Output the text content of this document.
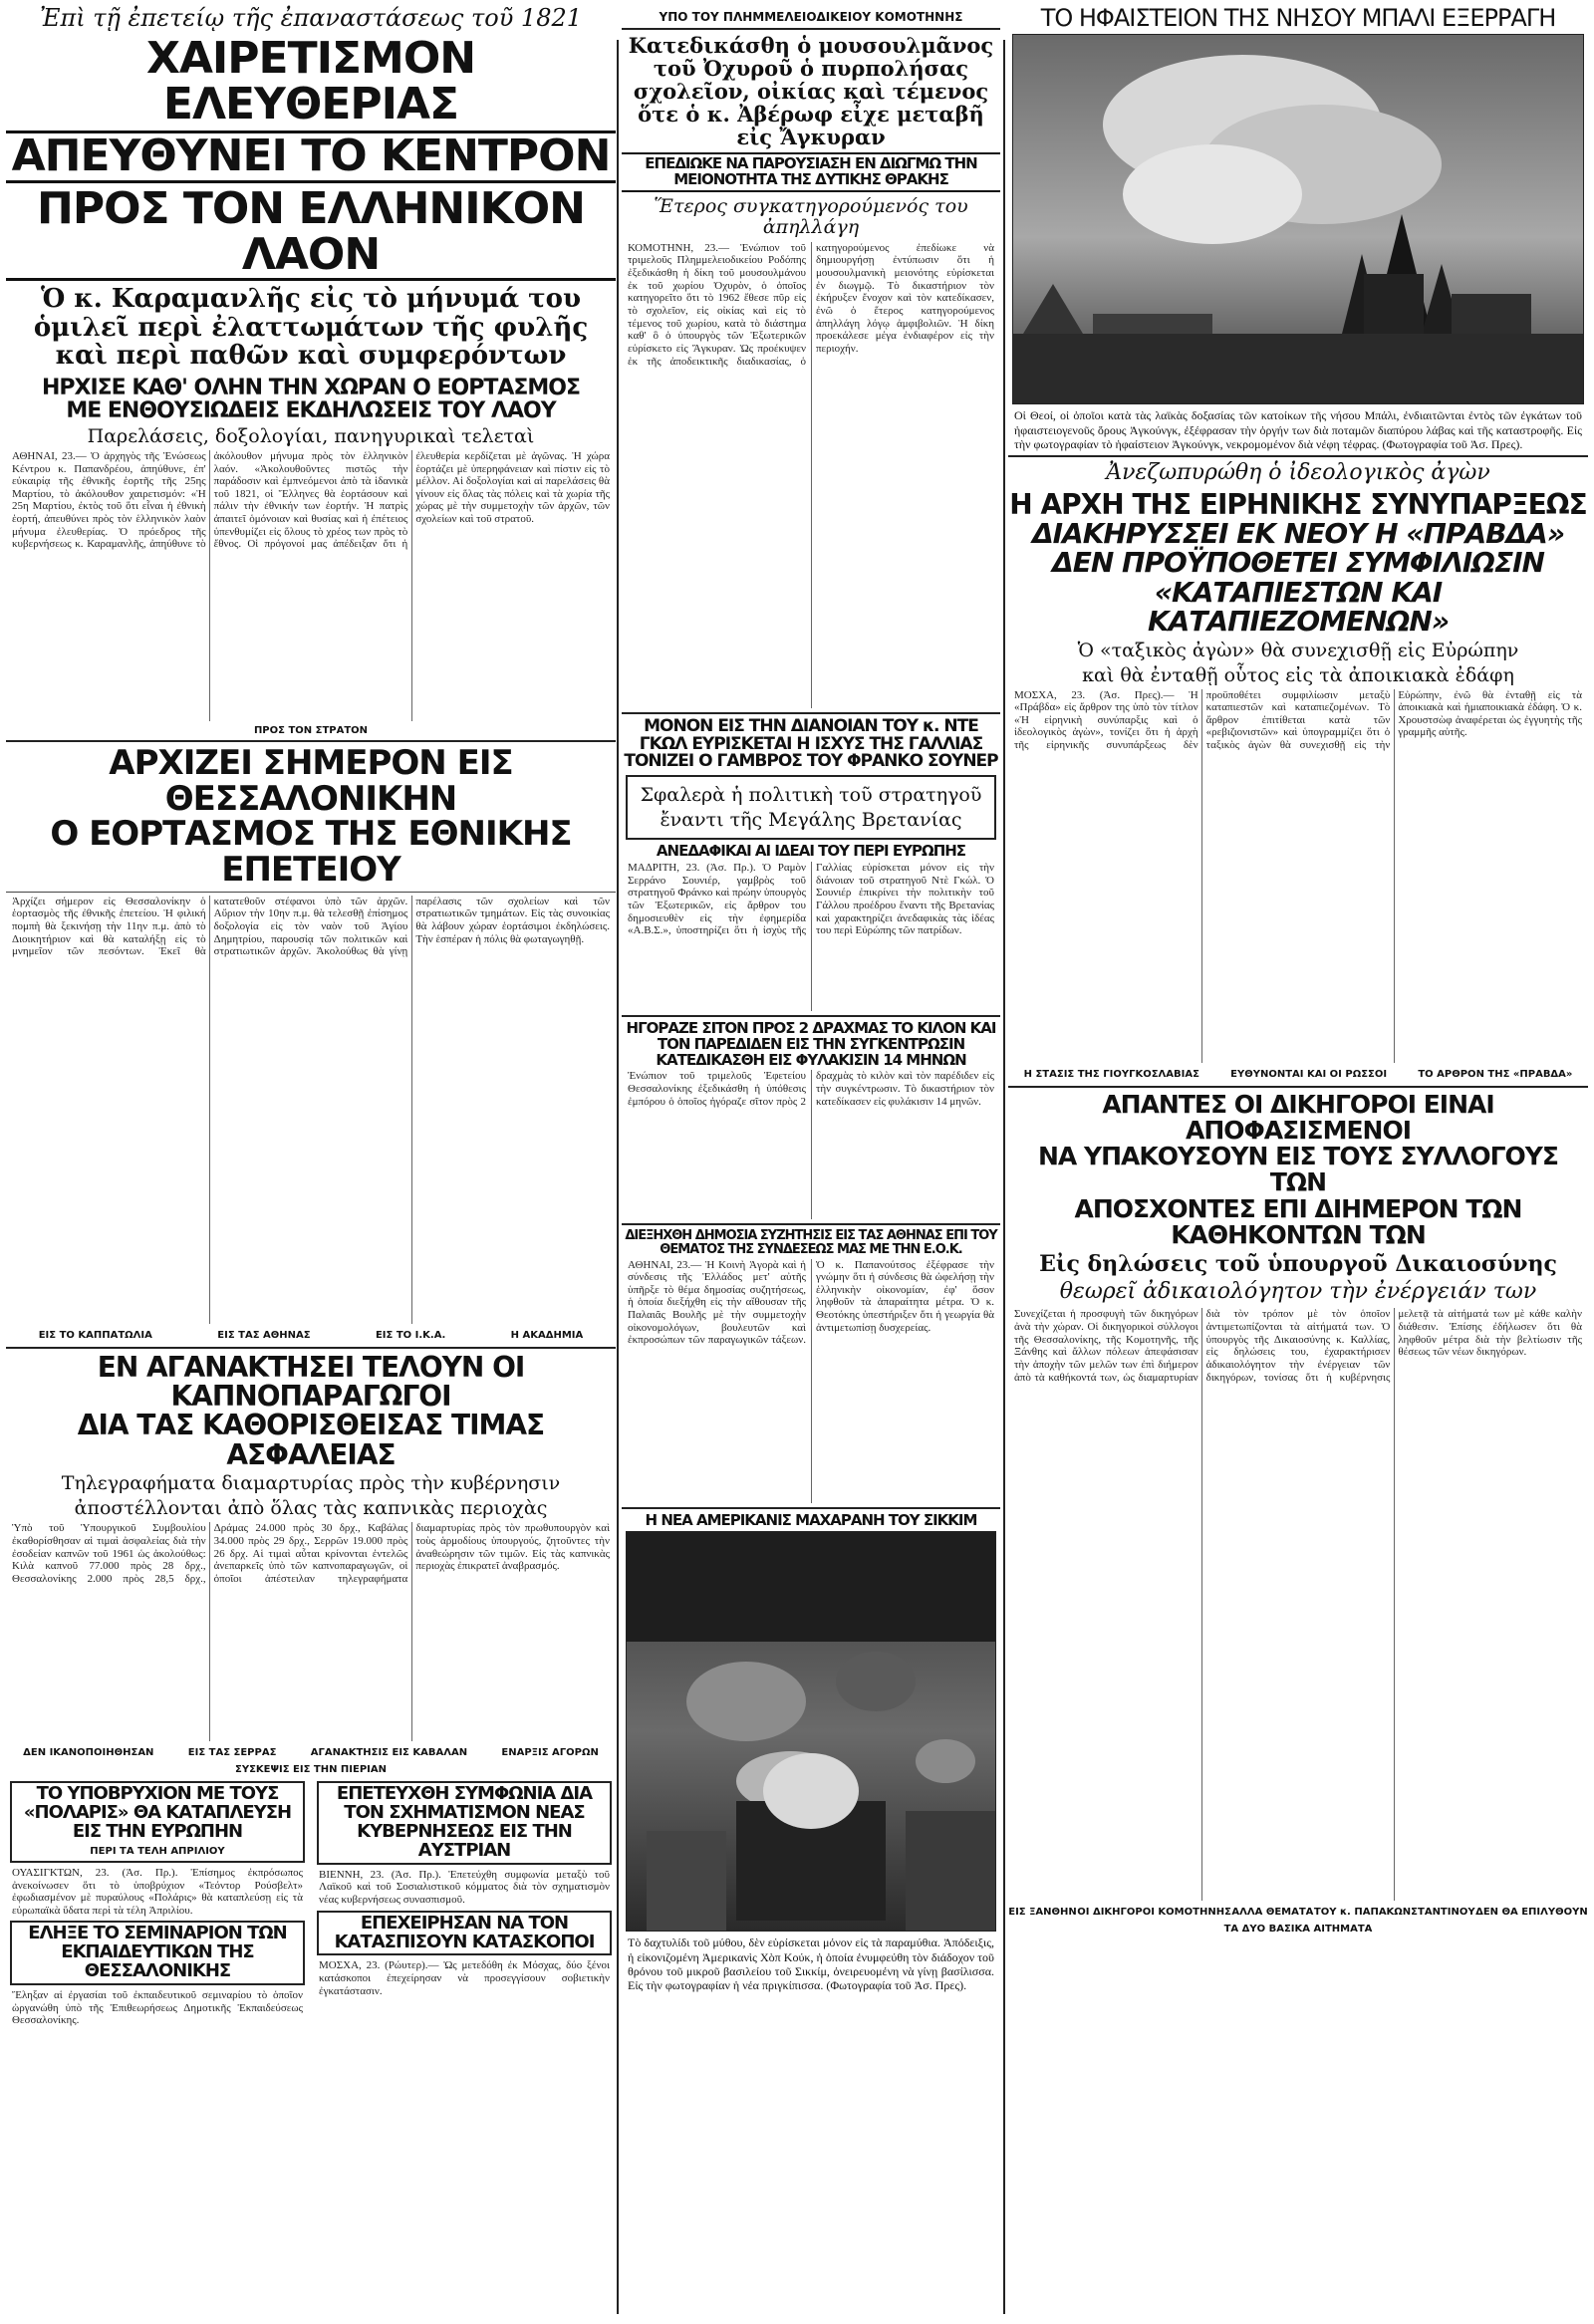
Ἐπὶ τῇ ἐπετείῳ τῆς ἐπαναστάσεως τοῦ 1821
ΧΑΙΡΕΤΙΣΜΟΝ ΕΛΕΥΘΕΡΙΑΣ
ΑΠΕΥΘΥΝΕΙ ΤΟ ΚΕΝΤΡΟΝ
ΠΡΟΣ ΤΟΝ ΕΛΛΗΝΙΚΟΝ ΛΑΟΝ
Ὁ κ. Καραμανλῆς εἰς τὸ μήνυμά του ὁμιλεῖ περὶ ἐλαττωμάτων τῆς φυλῆς καὶ περὶ παθῶν καὶ συμφερόντων
ΗΡΧΙΣΕ ΚΑΘ' ΟΛΗΝ ΤΗΝ ΧΩΡΑΝ Ο ΕΟΡΤΑΣΜΟΣ
ΜΕ ΕΝΘΟΥΣΙΩΔΕΙΣ ΕΚΔΗΛΩΣΕΙΣ ΤΟΥ ΛΑΟΥ
Παρελάσεις, δοξολογίαι, πανηγυρικαὶ τελεταὶ
ΑΘΗΝΑΙ, 23.— Ὁ ἀρχηγὸς τῆς Ἑνώσεως Κέντρου κ. Παπανδρέου, ἀπηύθυνε, ἐπ' εὐκαιρίᾳ τῆς ἐθνικῆς ἑορτῆς τῆς 25ης Μαρτίου, τὸ ἀκόλουθον χαιρετισμόν: «Ἡ 25η Μαρτίου, ἐκτὸς τοῦ ὅτι εἶναι ἡ ἐθνικὴ ἑορτή, ἀπευθύνει πρὸς τὸν ἑλληνικὸν λαὸν μήνυμα ἐλευθερίας. Ὁ πρόεδρος τῆς κυβερνήσεως κ. Καραμανλῆς, ἀπηύθυνε τὸ ἀκόλουθον μήνυμα πρὸς τὸν ἑλληνικὸν λαόν. «Ἀκολουθοῦντες πιστῶς τὴν παράδοσιν καὶ ἐμπνεόμενοι ἀπὸ τὰ ἱδανικὰ τοῦ 1821, οἱ Ἕλληνες θὰ ἑορτάσουν καὶ πάλιν τὴν ἐθνικήν των ἑορτήν. Ἡ πατρὶς ἀπαιτεῖ ὁμόνοιαν καὶ θυσίας καὶ ἡ ἐπέτειος ὑπενθυμίζει εἰς ὅλους τὸ χρέος των πρὸς τὸ ἔθνος. Οἱ πρόγονοί μας ἀπέδειξαν ὅτι ἡ ἐλευθερία κερδίζεται μὲ ἀγῶνας. Ἡ χώρα ἑορτάζει μὲ ὑπερηφάνειαν καὶ πίστιν εἰς τὸ μέλλον. Αἱ δοξολογίαι καὶ αἱ παρελάσεις θὰ γίνουν εἰς ὅλας τὰς πόλεις καὶ τὰ χωρία τῆς χώρας μὲ τὴν συμμετοχὴν τῶν ἀρχῶν, τῶν σχολείων καὶ τοῦ στρατοῦ.
ΠΡΟΣ ΤΟΝ ΣΤΡΑΤΟΝ
ΑΡΧΙΖΕΙ ΣΗΜΕΡΟΝ ΕΙΣ ΘΕΣΣΑΛΟΝΙΚΗΝ
Ο ΕΟΡΤΑΣΜΟΣ ΤΗΣ ΕΘΝΙΚΗΣ ΕΠΕΤΕΙΟΥ
Ἀρχίζει σήμερον εἰς Θεσσαλονίκην ὁ ἑορτασμὸς τῆς ἐθνικῆς ἐπετείου. Ἡ φιλική πομπὴ θὰ ξεκινήσῃ τὴν 11ην π.μ. ἀπὸ τὸ Διοικητήριον καὶ θὰ καταλήξῃ εἰς τὸ μνημεῖον τῶν πεσόντων. Ἐκεῖ θὰ κατατεθοῦν στέφανοι ὑπὸ τῶν ἀρχῶν. Αὔριον τὴν 10ην π.μ. θὰ τελεσθῇ ἐπίσημος δοξολογία εἰς τὸν ναὸν τοῦ Ἁγίου Δημητρίου, παρουσίᾳ τῶν πολιτικῶν καὶ στρατιωτικῶν ἀρχῶν. Ἀκολούθως θὰ γίνῃ παρέλασις τῶν σχολείων καὶ τῶν στρατιωτικῶν τμημάτων. Εἰς τὰς συνοικίας θὰ λάβουν χώραν ἑορτάσιμοι ἐκδηλώσεις. Τὴν ἑσπέραν ἡ πόλις θὰ φωταγωγηθῇ.
ΕΙΣ ΤΟ ΚΑΠΠΑΤΩΛΙΑ	ΕΙΣ ΤΑΣ ΑΘΗΝΑΣ	ΕΙΣ ΤΟ Ι.Κ.Α.	Η ΑΚΑΔΗΜΙΑ
ΕΝ ΑΓΑΝΑΚΤΗΣΕΙ ΤΕΛΟΥΝ ΟΙ ΚΑΠΝΟΠΑΡΑΓΩΓΟΙ
ΔΙΑ ΤΑΣ ΚΑΘΟΡΙΣΘΕΙΣΑΣ ΤΙΜΑΣ ΑΣΦΑΛΕΙΑΣ
Τηλεγραφήματα διαμαρτυρίας πρὸς τὴν κυβέρνησιν
ἀποστέλλονται ἀπὸ ὅλας τὰς καπνικὰς περιοχὰς
Ὑπὸ τοῦ Ὑπουργικοῦ Συμβουλίου ἐκαθορίσθησαν αἱ τιμαὶ ἀσφαλείας διὰ τὴν ἐσοδείαν καπνῶν τοῦ 1961 ὡς ἀκολούθως: Κιλὰ καπνοῦ 77.000 πρὸς 28 δρχ., Θεσσαλονίκης 2.000 πρὸς 28,5 δρχ., Δράμας 24.000 πρὸς 30 δρχ., Καβάλας 34.000 πρὸς 29 δρχ., Σερρῶν 19.000 πρὸς 26 δρχ. Αἱ τιμαὶ αὗται κρίνονται ἐντελῶς ἀνεπαρκεῖς ὑπὸ τῶν καπνοπαραγωγῶν, οἱ ὁποῖοι ἀπέστειλαν τηλεγραφήματα διαμαρτυρίας πρὸς τὸν πρωθυπουργὸν καὶ τοὺς ἁρμοδίους ὑπουργούς, ζητοῦντες τὴν ἀναθεώρησιν τῶν τιμῶν. Εἰς τὰς καπνικὰς περιοχὰς ἐπικρατεῖ ἀναβρασμός.
ΔΕΝ ΙΚΑΝΟΠΟΙΗΘΗΣΑΝ	ΕΙΣ ΤΑΣ ΣΕΡΡΑΣ	ΑΓΑΝΑΚΤΗΣΙΣ ΕΙΣ ΚΑΒΑΛΑΝ	ΕΝΑΡΞΙΣ ΑΓΟΡΩΝ
ΣΥΣΚΕΨΙΣ ΕΙΣ ΤΗΝ ΠΙΕΡΙΑΝ
ΤΟ ΥΠΟΒΡΥΧΙΟΝ ΜΕ ΤΟΥΣ «ΠΟΛΑΡΙΣ» ΘΑ ΚΑΤΑΠΛΕΥΣΗ ΕΙΣ ΤΗΝ ΕΥΡΩΠΗΝ
ΠΕΡΙ ΤΑ ΤΕΛΗ ΑΠΡΙΛΙΟΥ
ΟΥΑΣΙΓΚΤΩΝ, 23. (Ἀσ. Πρ.). Ἐπίσημος ἐκπρόσωπος ἀνεκοίνωσεν ὅτι τὸ ὑποβρύχιον «Τεόντορ Ρούσβελτ» ἐφωδιασμένον μὲ πυραύλους «Πολάρις» θὰ καταπλεύσῃ εἰς τὰ εὐρωπαϊκὰ ὕδατα περὶ τὰ τέλη Ἀπριλίου.
ΕΛΗΞΕ ΤΟ ΣΕΜΙΝΑΡΙΟΝ ΤΩΝ ΕΚΠΑΙΔΕΥΤΙΚΩΝ ΤΗΣ ΘΕΣΣΑΛΟΝΙΚΗΣ
Ἔληξαν αἱ ἐργασίαι τοῦ ἐκπαιδευτικοῦ σεμιναρίου τὸ ὁποῖον ὠργανώθη ὑπὸ τῆς Ἐπιθεωρήσεως Δημοτικῆς Ἐκπαιδεύσεως Θεσσαλονίκης.
ΕΠΕΤΕΥΧΘΗ ΣΥΜΦΩΝΙΑ ΔΙΑ ΤΟΝ ΣΧΗΜΑΤΙΣΜΟΝ ΝΕΑΣ ΚΥΒΕΡΝΗΣΕΩΣ ΕΙΣ ΤΗΝ ΑΥΣΤΡΙΑΝ
ΒΙΕΝΝΗ, 23. (Ἀσ. Πρ.). Ἐπετεύχθη συμφωνία μεταξὺ τοῦ Λαϊκοῦ καὶ τοῦ Σοσιαλιστικοῦ κόμματος διὰ τὸν σχηματισμὸν νέας κυβερνήσεως συνασπισμοῦ.
ΕΠΕΧΕΙΡΗΣΑΝ ΝΑ ΤΟΝ ΚΑΤΑΣΠΙΣΟΥΝ ΚΑΤΑΣΚΟΠΟΙ
ΜΟΣΧΑ, 23. (Ρώυτερ).— Ὡς μετεδόθη ἐκ Μόσχας, δύο ξένοι κατάσκοποι ἐπεχείρησαν νὰ προσεγγίσουν σοβιετικὴν ἐγκατάστασιν.
ΥΠΟ ΤΟΥ ΠΛΗΜΜΕΛΕΙΟΔΙΚΕΙΟΥ ΚΟΜΟΤΗΝΗΣ
Κατεδικάσθη ὁ μουσουλμᾶνος τοῦ Ὀχυροῦ ὁ πυρπολήσας σχολεῖον, οἰκίας καὶ τέμενος ὅτε ὁ κ. Ἀβέρωφ εἶχε μεταβῆ εἰς Ἄγκυραν
ΕΠΕΔΙΩΚΕ ΝΑ ΠΑΡΟΥΣΙΑΣΗ ΕΝ ΔΙΩΓΜΩ ΤΗΝ ΜΕΙΟΝΟΤΗΤΑ ΤΗΣ ΔΥΤΙΚΗΣ ΘΡΑΚΗΣ
Ἕτερος συγκατηγορούμενός του ἀπηλλάγη
ΚΟΜΟΤΗΝΗ, 23.— Ἐνώπιον τοῦ τριμελοῦς Πλημμελειοδικείου Ροδόπης ἐξεδικάσθη ἡ δίκη τοῦ μουσουλμάνου ἐκ τοῦ χωρίου Ὀχυρὸν, ὁ ὁποῖος κατηγορεῖτο ὅτι τὸ 1962 ἔθεσε πῦρ εἰς τὸ σχολεῖον, εἰς οἰκίας καὶ εἰς τὸ τέμενος τοῦ χωρίου, κατὰ τὸ διάστημα καθ' ὃ ὁ ὑπουργὸς τῶν Ἐξωτερικῶν εὑρίσκετο εἰς Ἄγκυραν. Ὡς προέκυψεν ἐκ τῆς ἀποδεικτικῆς διαδικασίας, ὁ κατηγορούμενος ἐπεδίωκε νὰ δημιουργήσῃ ἐντύπωσιν ὅτι ἡ μουσουλμανικὴ μειονότης εὑρίσκεται ἐν διωγμῷ. Τὸ δικαστήριον τὸν ἐκήρυξεν ἔνοχον καὶ τὸν κατεδίκασεν, ἐνῶ ὁ ἕτερος κατηγορούμενος ἀπηλλάγη λόγῳ ἀμφιβολιῶν. Ἡ δίκη προεκάλεσε μέγα ἐνδιαφέρον εἰς τὴν περιοχήν.
ΜΟΝΟΝ ΕΙΣ ΤΗΝ ΔΙΑΝΟΙΑΝ ΤΟΥ κ. ΝΤΕ ΓΚΩΛ ΕΥΡΙΣΚΕΤΑΙ Η ΙΣΧΥΣ ΤΗΣ ΓΑΛΛΙΑΣ ΤΟΝΙΖΕΙ Ο ΓΑΜΒΡΟΣ ΤΟΥ ΦΡΑΝΚΟ ΣΟΥΝΕΡ
Σφαλερὰ ἡ πολιτικὴ τοῦ στρατηγοῦ
ἔναντι τῆς Μεγάλης Βρετανίας
ΑΝΕΔΑΦΙΚΑΙ ΑΙ ΙΔΕΑΙ ΤΟΥ ΠΕΡΙ ΕΥΡΩΠΗΣ
ΜΑΔΡΙΤΗ, 23. (Ἀσ. Πρ.). Ὁ Ραμὸν Σερράνο Σουνιέρ, γαμβρὸς τοῦ στρατηγοῦ Φράνκο καὶ πρώην ὑπουργὸς τῶν Ἐξωτερικῶν, εἰς ἄρθρον του δημοσιευθὲν εἰς τὴν ἐφημερίδα «Α.Β.Σ.», ὑποστηρίζει ὅτι ἡ ἰσχὺς τῆς Γαλλίας εὑρίσκεται μόνον εἰς τὴν διάνοιαν τοῦ στρατηγοῦ Ντὲ Γκώλ. Ὁ Σουνιέρ ἐπικρίνει τὴν πολιτικὴν τοῦ Γάλλου προέδρου ἔναντι τῆς Βρετανίας καὶ χαρακτηρίζει ἀνεδαφικὰς τὰς ἰδέας του περὶ Εὐρώπης τῶν πατρίδων.
ΗΓΟΡΑΖΕ ΣΙΤΟΝ ΠΡΟΣ 2 ΔΡΑΧΜΑΣ ΤΟ ΚΙΛΟΝ ΚΑΙ ΤΟΝ ΠΑΡΕΔΙΔΕΝ ΕΙΣ ΤΗΝ ΣΥΓΚΕΝΤΡΩΣΙΝ
ΚΑΤΕΔΙΚΑΣΘΗ ΕΙΣ ΦΥΛΑΚΙΣΙΝ 14 ΜΗΝΩΝ
Ἐνώπιον τοῦ τριμελοῦς Ἐφετείου Θεσσαλονίκης ἐξεδικάσθη ἡ ὑπόθεσις ἐμπόρου ὁ ὁποῖος ἠγόραζε σῖτον πρὸς 2 δραχμὰς τὸ κιλὸν καὶ τὸν παρέδιδεν εἰς τὴν συγκέντρωσιν. Τὸ δικαστήριον τὸν κατεδίκασεν εἰς φυλάκισιν 14 μηνῶν.
ΔΙΕΞΗΧΘΗ ΔΗΜΟΣΙΑ ΣΥΖΗΤΗΣΙΣ ΕΙΣ ΤΑΣ ΑΘΗΝΑΣ ΕΠΙ ΤΟΥ ΘΕΜΑΤΟΣ ΤΗΣ ΣΥΝΔΕΣΕΩΣ ΜΑΣ ΜΕ ΤΗΝ Ε.Ο.Κ.
ΑΘΗΝΑΙ, 23.— Ἡ Κοινὴ Ἀγορὰ καὶ ἡ σύνδεσις τῆς Ἑλλάδος μετ' αὐτῆς ὑπῆρξε τὸ θέμα δημοσίας συζητήσεως, ἡ ὁποία διεξήχθη εἰς τὴν αἴθουσαν τῆς Παλαιᾶς Βουλῆς μὲ τὴν συμμετοχὴν οἰκονομολόγων, βουλευτῶν καὶ ἐκπροσώπων τῶν παραγωγικῶν τάξεων. Ὁ κ. Παπανούτσος ἐξέφρασε τὴν γνώμην ὅτι ἡ σύνδεσις θὰ ὠφελήσῃ τὴν ἑλληνικὴν οἰκονομίαν, ἐφ' ὅσον ληφθοῦν τὰ ἀπαραίτητα μέτρα. Ὁ κ. Θεοτόκης ὑπεστήριξεν ὅτι ἡ γεωργία θὰ ἀντιμετωπίσῃ δυσχερείας.
Η ΝΕΑ ΑΜΕΡΙΚΑΝΙΣ ΜΑΧΑΡΑΝΗ ΤΟΥ ΣΙΚΚΙΜ
Τὸ δαχτυλίδι τοῦ μύθου, δὲν εὑρίσκεται μόνον εἰς τὰ παραμύθια. Ἀπόδειξις, ἡ εἰκονιζομένη Ἀμερικανὶς Χὸπ Κούκ, ἡ ὁποία ἐνυμφεύθη τὸν διάδοχον τοῦ θρόνου τοῦ μικροῦ βασιλείου τοῦ Σικκίμ, ὀνειρευομένη νὰ γίνῃ βασίλισσα. Εἰς τὴν φωτογραφίαν ἡ νέα πριγκίπισσα. (Φωτογραφία τοῦ Ἀσ. Πρες).
ΤΟ ΗΦΑΙΣΤΕΙΟΝ ΤΗΣ ΝΗΣΟΥ ΜΠΑΛΙ ΕΞΕΡΡΑΓΗ
Οἱ Θεοί, οἱ ὁποῖοι κατὰ τὰς λαϊκὰς δοξασίας τῶν κατοίκων τῆς νήσου Μπάλι, ἐνδιαιτῶνται ἐντὸς τῶν ἐγκάτων τοῦ ἡφαιστειογενοῦς ὄρους Ἀγκούνγκ, ἐξέφρασαν τὴν ὀργήν των διὰ ποταμῶν διαπύρου λάβας καὶ τῆς καταστροφῆς. Εἰς τὴν φωτογραφίαν τὸ ἡφαίστειον Ἀγκούνγκ, νεκρομομένον διὰ νέφη τέφρας. (Φωτογραφία τοῦ Ἀσ. Πρες).
Ἀνεζωπυρώθη ὁ ἰδεολογικὸς ἀγὼν
Η ΑΡΧΗ ΤΗΣ ΕΙΡΗΝΙΚΗΣ ΣΥΝΥΠΑΡΞΕΩΣ
ΔΙΑΚΗΡΥΣΣΕΙ ΕΚ ΝΕΟΥ Η «ΠΡΑΒΔΑ»
ΔΕΝ ΠΡΟΫΠΟΘΕΤΕΙ ΣΥΜΦΙΛΙΩΣΙΝ
«ΚΑΤΑΠΙΕΣΤΩΝ ΚΑΙ ΚΑΤΑΠΙΕΖΟΜΕΝΩΝ»
Ὁ «ταξικὸς ἀγὼν» θὰ συνεχισθῇ εἰς Εὐρώπην
καὶ θὰ ἐνταθῇ οὗτος εἰς τὰ ἀποικιακὰ ἐδάφη
ΜΟΣΧΑ, 23. (Ἀσ. Πρες).— Ἡ «Πράβδα» εἰς ἄρθρον της ὑπὸ τὸν τίτλον «Ἡ εἰρηνικὴ συνύπαρξις καὶ ὁ ἰδεολογικὸς ἀγὼν», τονίζει ὅτι ἡ ἀρχὴ τῆς εἰρηνικῆς συνυπάρξεως δὲν προϋποθέτει συμφιλίωσιν μεταξὺ καταπιεστῶν καὶ καταπιεζομένων. Τὸ ἄρθρον ἐπιτίθεται κατὰ τῶν «ρεβιζιονιστῶν» καὶ ὑπογραμμίζει ὅτι ὁ ταξικὸς ἀγὼν θὰ συνεχισθῇ εἰς τὴν Εὐρώπην, ἐνῶ θὰ ἐνταθῇ εἰς τὰ ἀποικιακὰ καὶ ἡμιαποικιακὰ ἐδάφη. Ὁ κ. Χρουστσὼφ ἀναφέρεται ὡς ἐγγυητὴς τῆς γραμμῆς αὐτῆς.
Η ΣΤΑΣΙΣ ΤΗΣ ΓΙΟΥΓΚΟΣΛΑΒΙΑΣ	ΕΥΘΥΝΟΝΤΑΙ ΚΑΙ ΟΙ ΡΩΣΣΟΙ	ΤΟ ΑΡΘΡΟΝ ΤΗΣ «ΠΡΑΒΔΑ»
ΑΠΑΝΤΕΣ ΟΙ ΔΙΚΗΓΟΡΟΙ ΕΙΝΑΙ ΑΠΟΦΑΣΙΣΜΕΝΟΙ
ΝΑ ΥΠΑΚΟΥΣΟΥΝ ΕΙΣ ΤΟΥΣ ΣΥΛΛΟΓΟΥΣ ΤΩΝ
ΑΠΟΣΧΟΝΤΕΣ ΕΠΙ ΔΙΗΜΕΡΟΝ ΤΩΝ ΚΑΘΗΚΟΝΤΩΝ ΤΩΝ
Εἰς δηλώσεις τοῦ ὑπουργοῦ Δικαιοσύνης
θεωρεῖ ἀδικαιολόγητον τὴν ἐνέργειάν των
Συνεχίζεται ἡ προσφυγὴ τῶν δικηγόρων ἀνὰ τὴν χώραν. Οἱ δικηγορικοὶ σύλλογοι τῆς Θεσσαλονίκης, τῆς Κομοτηνῆς, τῆς Ξάνθης καὶ ἄλλων πόλεων ἀπεφάσισαν τὴν ἀποχὴν τῶν μελῶν των ἐπὶ διήμερον ἀπὸ τὰ καθήκοντά των, ὡς διαμαρτυρίαν διὰ τὸν τρόπον μὲ τὸν ὁποῖον ἀντιμετωπίζονται τὰ αἰτήματά των. Ὁ ὑπουργὸς τῆς Δικαιοσύνης κ. Καλλίας, εἰς δηλώσεις του, ἐχαρακτήρισεν ἀδικαιολόγητον τὴν ἐνέργειαν τῶν δικηγόρων, τονίσας ὅτι ἡ κυβέρνησις μελετᾷ τὰ αἰτήματά των μὲ κάθε καλὴν διάθεσιν. Ἐπίσης ἐδήλωσεν ὅτι θὰ ληφθοῦν μέτρα διὰ τὴν βελτίωσιν τῆς θέσεως τῶν νέων δικηγόρων.
ΕΙΣ ΞΑΝΘΗΝ ΟΙ ΔΙΚΗΓΟΡΟΙ ΚΟΜΟΤΗΝΗΣ ΑΛΛΑ ΘΕΜΑΤΑ ΤΟΥ κ. ΠΑΠΑΚΩΝΣΤΑΝΤΙΝΟΥ ΔΕΝ ΘΑ ΕΠΙΛΥΘΟΥΝ
ΤΑ ΔΥΟ ΒΑΣΙΚΑ ΑΙΤΗΜΑΤΑ
